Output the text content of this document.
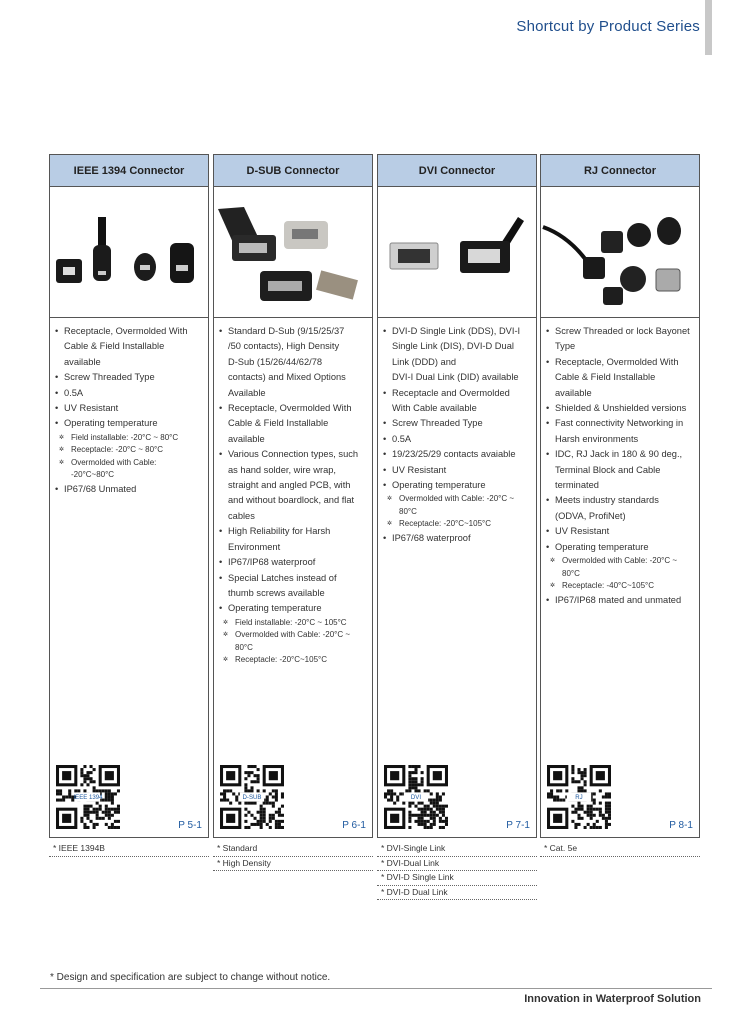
Shortcut by Product Series
IEEE 1394 Connector
• Receptacle, Overmolded With
Cable & Field Installable
available
• Screw Threaded Type
• 0.5A
• UV Resistant
• Operating temperature
✲ Field installable: -20°C ~ 80°C
✲ Receptacle: -20°C ~ 80°C
✲ Overmolded with Cable:
-20°C~80°C
• IP67/68 Unmated
IEEE 1394
P 5-1
D-SUB Connector
• Standard D-Sub (9/15/25/37
/50 contacts), High Density
D-Sub (15/26/44/62/78
contacts) and Mixed Options
Available
• Receptacle, Overmolded With
Cable & Field Installable
available
• Various Connection types, such
as hand solder, wire wrap,
straight and angled PCB, with
and without boardlock, and flat
cables
• High Reliability for Harsh
Environment
• IP67/IP68 waterproof
• Special Latches instead of
thumb screws available
• Operating temperature
✲ Field installable: -20°C ~ 105°C
✲ Overmolded with Cable: -20°C ~ 80°C
✲ Receptacle: -20°C~105°C
D-SUB
P 6-1
DVI Connector
• DVI-D Single Link (DDS), DVI-I
Single Link (DIS), DVI-D Dual
Link (DDD) and
DVI-I Dual Link (DID) available
• Receptacle and Overmolded
With Cable available
• Screw Threaded Type
• 0.5A
• 19/23/25/29 contacts avaiable
• UV Resistant
• Operating temperature
✲ Overmolded with Cable: -20°C ~ 80°C
✲ Receptacle: -20°C~105°C
• IP67/68 waterproof
DVI
P 7-1
RJ Connector
• Screw Threaded or lock Bayonet
Type
• Receptacle, Overmolded With
Cable & Field Installable
available
• Shielded & Unshielded versions
• Fast connectivity Networking in
Harsh environments
• IDC, RJ Jack in 180 & 90 deg.,
Terminal Block and Cable
terminated
• Meets industry standards
(ODVA, ProfiNet)
• UV Resistant
• Operating temperature
✲ Overmolded with Cable: -20°C ~ 80°C
✲ Receptacle: -40°C~105°C
• IP67/IP68 mated and unmated
RJ
P 8-1
* IEEE 1394B	* Standard
* High Density
* DVI-Single Link
* DVI-Dual Link
* DVI-D Single Link
* DVI-D Dual Link
* Cat. 5e
* Design and specification are subject to change without notice.
Innovation in Waterproof Solution
